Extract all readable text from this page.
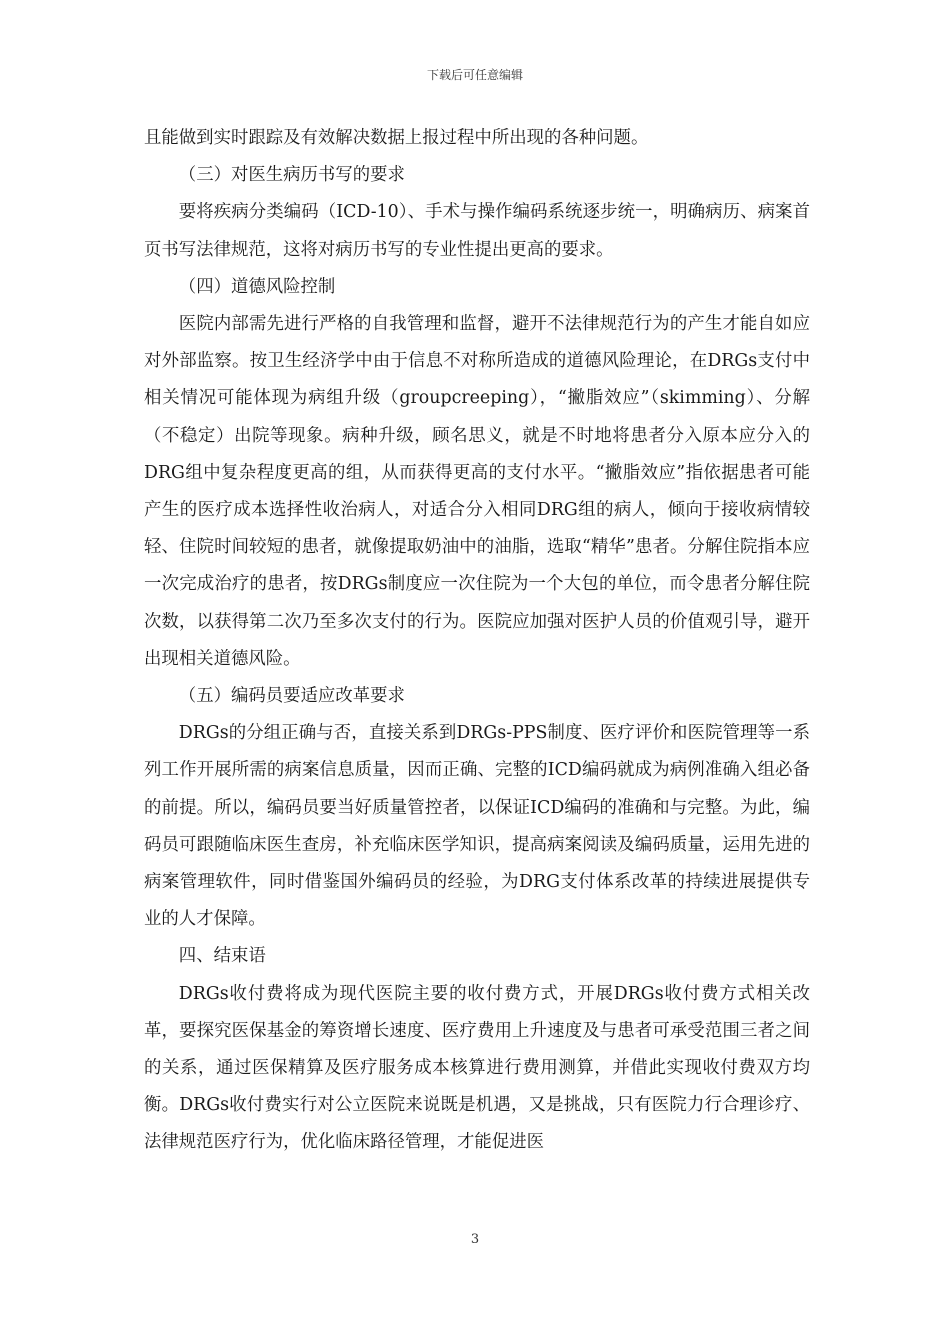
下载后可任意编辑

且能做到实时跟踪及有效解决数据上报过程中所出现的各种问题。

（三）对医生病历书写的要求

要将疾病分类编码（ICD-10）、手术与操作编码系统逐步统一，明确病历、病案首页书写法律规范，这将对病历书写的专业性提出更高的要求。

（四）道德风险控制

医院内部需先进行严格的自我管理和监督，避开不法律规范行为的产生才能自如应对外部监察。按卫生经济学中由于信息不对称所造成的道德风险理论，在DRGs支付中相关情况可能体现为病组升级（groupcreeping），“撇脂效应”（skimming）、分解（不稳定）出院等现象。病种升级，顾名思义，就是不时地将患者分入原本应分入的DRG组中复杂程度更高的组，从而获得更高的支付水平。“撇脂效应”指依据患者可能产生的医疗成本选择性收治病人，对适合分入相同DRG组的病人，倾向于接收病情较轻、住院时间较短的患者，就像提取奶油中的油脂，选取“精华”患者。分解住院指本应一次完成治疗的患者，按DRGs制度应一次住院为一个大包的单位，而令患者分解住院次数，以获得第二次乃至多次支付的行为。医院应加强对医护人员的价值观引导，避开出现相关道德风险。

（五）编码员要适应改革要求

DRGs的分组正确与否，直接关系到DRGs-PPS制度、医疗评价和医院管理等一系列工作开展所需的病案信息质量，因而正确、完整的ICD编码就成为病例准确入组必备的前提。所以，编码员要当好质量管控者，以保证ICD编码的准确和与完整。为此，编码员可跟随临床医生查房，补充临床医学知识，提高病案阅读及编码质量，运用先进的病案管理软件，同时借鉴国外编码员的经验，为DRG支付体系改革的持续进展提供专业的人才保障。

四、结束语

DRGs收付费将成为现代医院主要的收付费方式，开展DRGs收付费方式相关改革，要探究医保基金的筹资增长速度、医疗费用上升速度及与患者可承受范围三者之间的关系，通过医保精算及医疗服务成本核算进行费用测算，并借此实现收付费双方均衡。DRGs收付费实行对公立医院来说既是机遇，又是挑战，只有医院力行合理诊疗、法律规范医疗行为，优化临床路径管理，才能促进医

3
